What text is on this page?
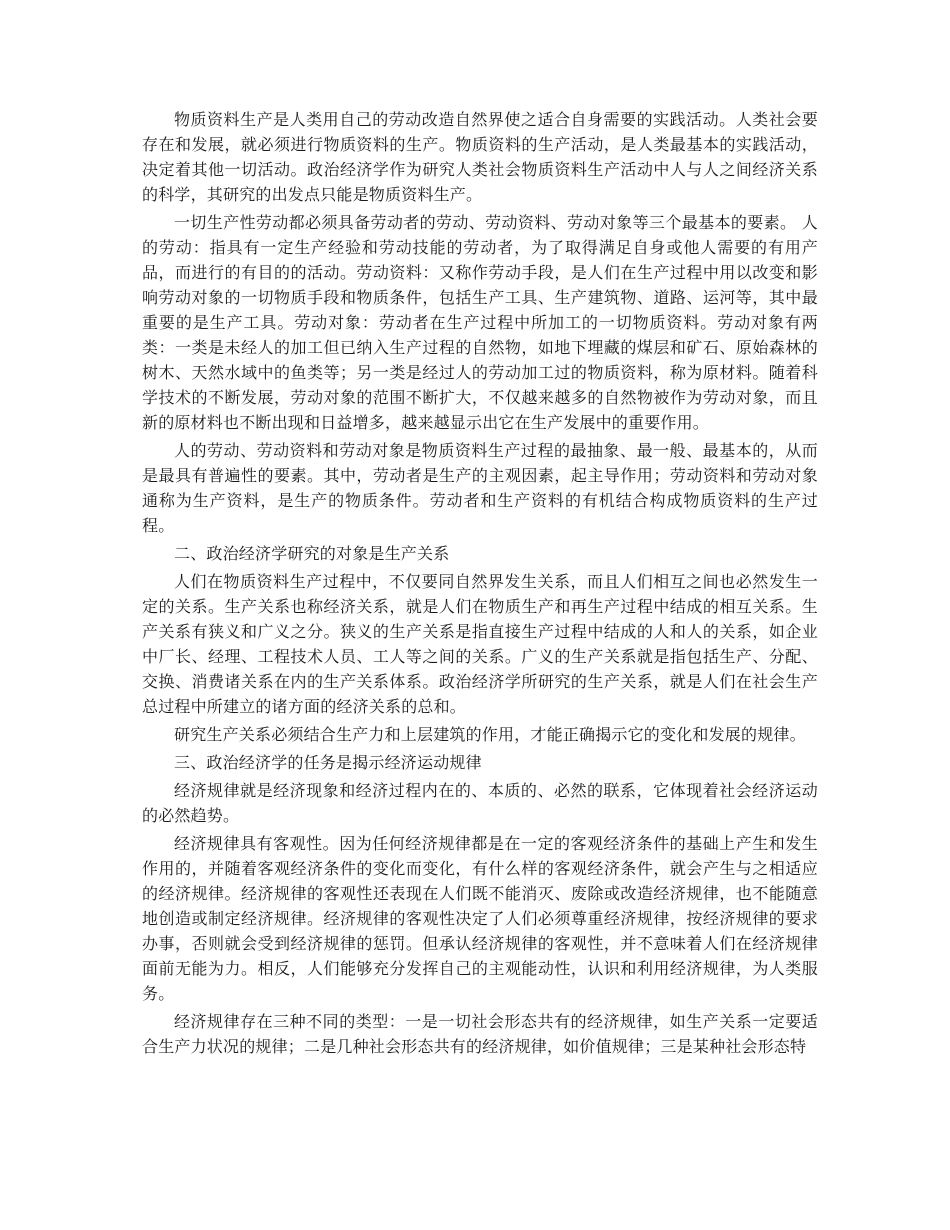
物质资料生产是人类用自己的劳动改造自然界使之适合自身需要的实践活动。人类社会要存在和发展，就必须进行物质资料的生产。物质资料的生产活动，是人类最基本的实践活动，决定着其他一切活动。政治经济学作为研究人类社会物质资料生产活动中人与人之间经济关系的科学，其研究的出发点只能是物质资料生产。

一切生产性劳动都必须具备劳动者的劳动、劳动资料、劳动对象等三个最基本的要素。 人的劳动：指具有一定生产经验和劳动技能的劳动者，为了取得满足自身或他人需要的有用产品，而进行的有目的的活动。劳动资料：又称作劳动手段，是人们在生产过程中用以改变和影响劳动对象的一切物质手段和物质条件，包括生产工具、生产建筑物、道路、运河等，其中最重要的是生产工具。劳动对象：劳动者在生产过程中所加工的一切物质资料。劳动对象有两类：一类是未经人的加工但已纳入生产过程的自然物，如地下埋藏的煤层和矿石、原始森林的树木、天然水域中的鱼类等；另一类是经过人的劳动加工过的物质资料，称为原材料。随着科学技术的不断发展，劳动对象的范围不断扩大，不仅越来越多的自然物被作为劳动对象，而且新的原材料也不断出现和日益增多，越来越显示出它在生产发展中的重要作用。

人的劳动、劳动资料和劳动对象是物质资料生产过程的最抽象、最一般、最基本的，从而是最具有普遍性的要素。其中，劳动者是生产的主观因素，起主导作用；劳动资料和劳动对象通称为生产资料，是生产的物质条件。劳动者和生产资料的有机结合构成物质资料的生产过程。

二、政治经济学研究的对象是生产关系

人们在物质资料生产过程中，不仅要同自然界发生关系，而且人们相互之间也必然发生一定的关系。生产关系也称经济关系，就是人们在物质生产和再生产过程中结成的相互关系。生产关系有狭义和广义之分。狭义的生产关系是指直接生产过程中结成的人和人的关系，如企业中厂长、经理、工程技术人员、工人等之间的关系。广义的生产关系就是指包括生产、分配、交换、消费诸关系在内的生产关系体系。政治经济学所研究的生产关系，就是人们在社会生产总过程中所建立的诸方面的经济关系的总和。

研究生产关系必须结合生产力和上层建筑的作用，才能正确揭示它的变化和发展的规律。

三、政治经济学的任务是揭示经济运动规律

经济规律就是经济现象和经济过程内在的、本质的、必然的联系，它体现着社会经济运动的必然趋势。

经济规律具有客观性。因为任何经济规律都是在一定的客观经济条件的基础上产生和发生作用的，并随着客观经济条件的变化而变化，有什么样的客观经济条件，就会产生与之相适应的经济规律。经济规律的客观性还表现在人们既不能消灭、废除或改造经济规律，也不能随意地创造或制定经济规律。经济规律的客观性决定了人们必须尊重经济规律，按经济规律的要求办事，否则就会受到经济规律的惩罚。但承认经济规律的客观性，并不意味着人们在经济规律面前无能为力。相反，人们能够充分发挥自己的主观能动性，认识和利用经济规律，为人类服务。

经济规律存在三种不同的类型：一是一切社会形态共有的经济规律，如生产关系一定要适合生产力状况的规律；二是几种社会形态共有的经济规律，如价值规律；三是某种社会形态特
